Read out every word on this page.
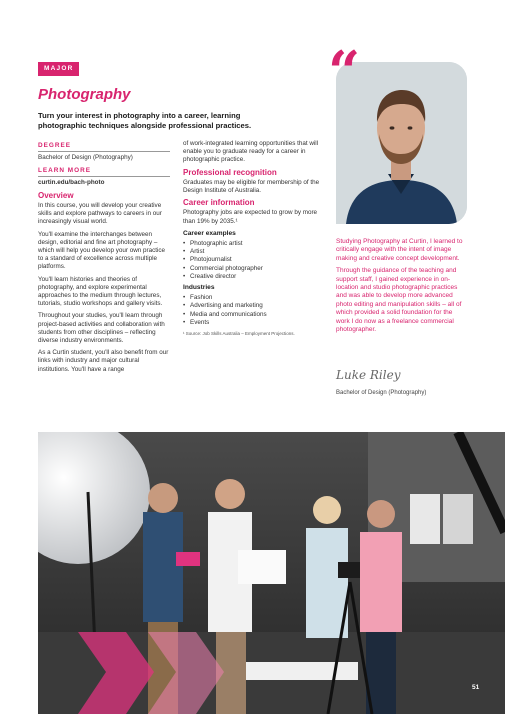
MAJOR
Photography
Turn your interest in photography into a career, learning photographic techniques alongside professional practices.
DEGREE
Bachelor of Design (Photography)
LEARN MORE
curtin.edu/bach-photo
Overview

In this course, you will develop your creative skills and explore pathways to careers in our increasingly visual world.

You'll examine the interchanges between design, editorial and fine art photography – which will help you develop your own practice to a standard of excellence across multiple platforms.

You'll learn histories and theories of photography, and explore experimental approaches to the medium through lectures, tutorials, studio workshops and gallery visits.

Throughout your studies, you'll learn through project-based activities and collaboration with students from other disciplines – reflecting diverse industry environments.

As a Curtin student, you'll also benefit from our links with industry and major cultural institutions. You'll have a range

of work-integrated learning opportunities that will enable you to graduate ready for a career in photographic practice.

Professional recognition

Graduates may be eligible for membership of the Design Institute of Australia.

Career information

Photography jobs are expected to grow by more than 19% by 2035.¹

Career examples
• Photographic artist
• Artist
• Photojournalist
• Commercial photographer
• Creative director
Industries
• Fashion
• Advertising and marketing
• Media and communications
• Events
¹ Source: Job Skills Australia – Employment Projections.
“

Studying Photography at Curtin, I learned to critically engage with the intent of image making and creative concept development.

Through the guidance of the teaching and support staff, I gained experience in on-location and studio photographic practices and was able to develop more advanced photo editing and manipulation skills – all of which provided a solid foundation for the work I do now as a freelance commercial photographer.

Luke Riley
Bachelor of Design (Photography)
51
